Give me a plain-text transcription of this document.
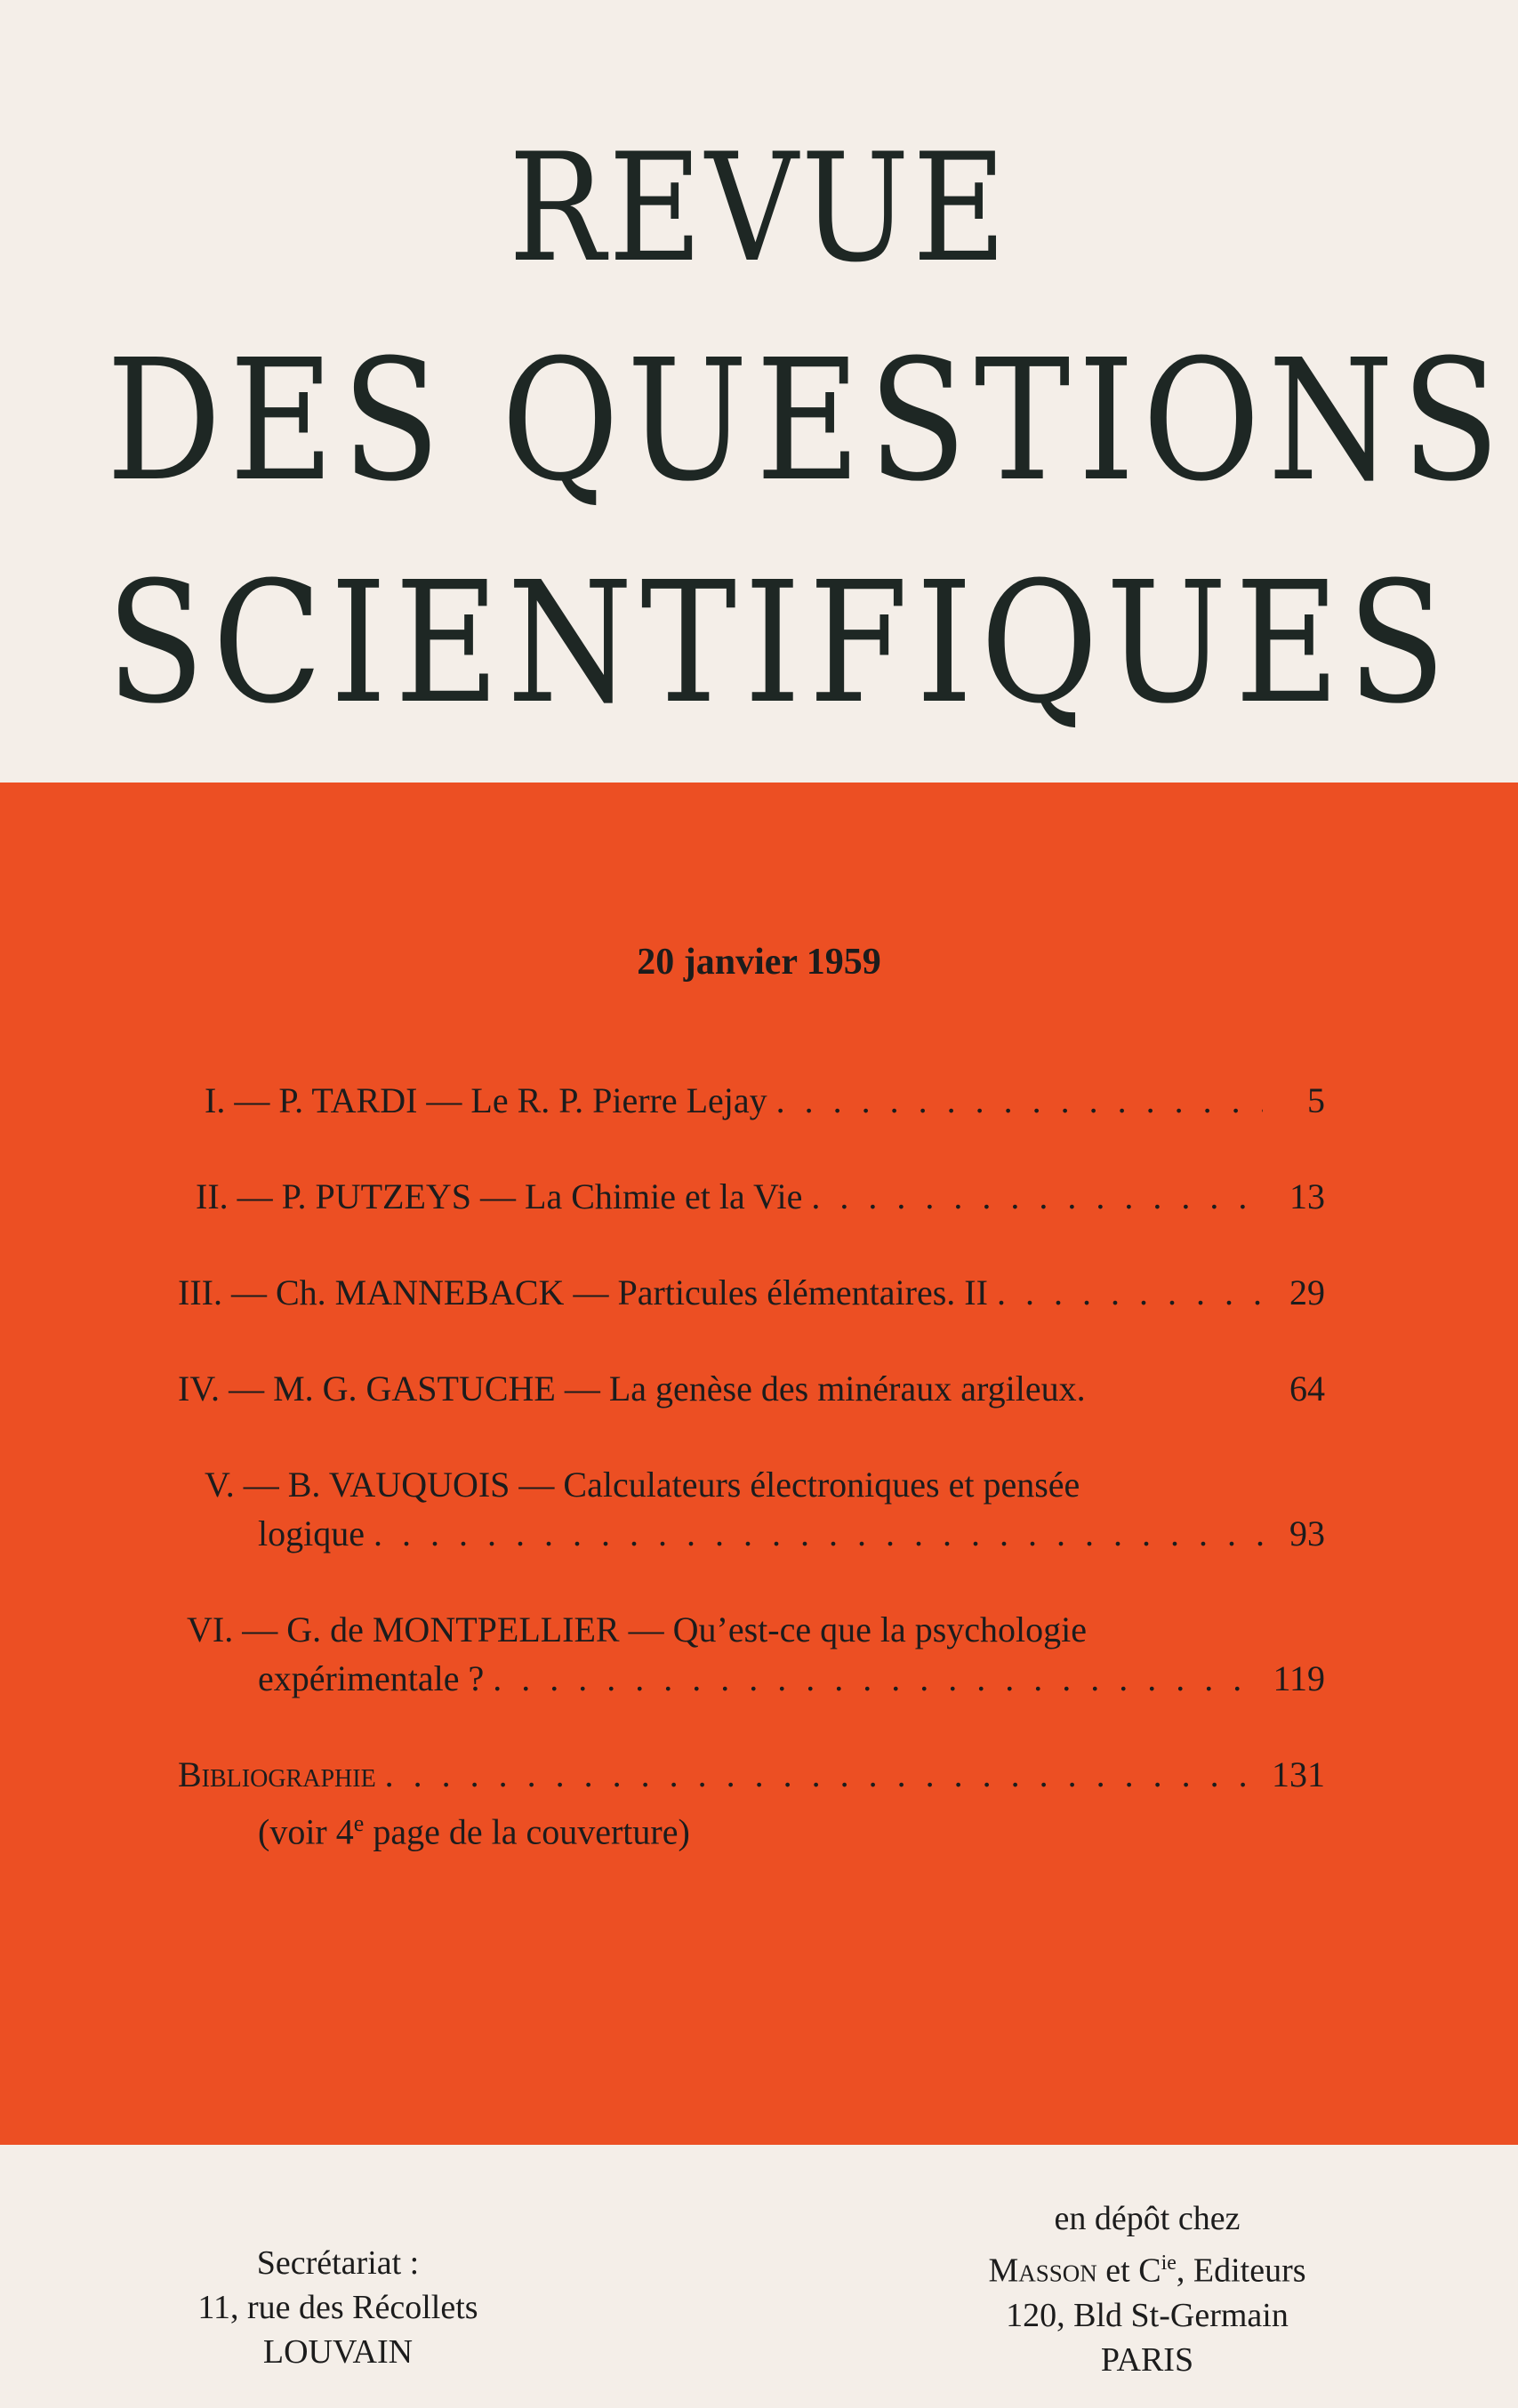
REVUE
DES QUESTIONS
SCIENTIFIQUES
20 janvier 1959
I. — P. TARDI — Le R. P. Pierre Lejay . . .	5
II. — P. PUTZEYS — La Chimie et la Vie . . .	13
III. — Ch. MANNEBACK — Particules élémentaires. II . . .	29
IV. — M. G. GASTUCHE — La genèse des minéraux argileux.	64
V. — B. VAUQUOIS — Calculateurs électroniques et pensée
logique . . .	93
VI. — G. de MONTPELLIER — Qu’est-ce que la psychologie
expérimentale ? . . .	119
Bibliographie . . .	131
(voir 4e page de la couverture)
Secrétariat :
11, rue des Récollets
LOUVAIN
en dépôt chez
Masson et $C^{ie}$, Editeurs
120, Bld St-Germain
PARIS
